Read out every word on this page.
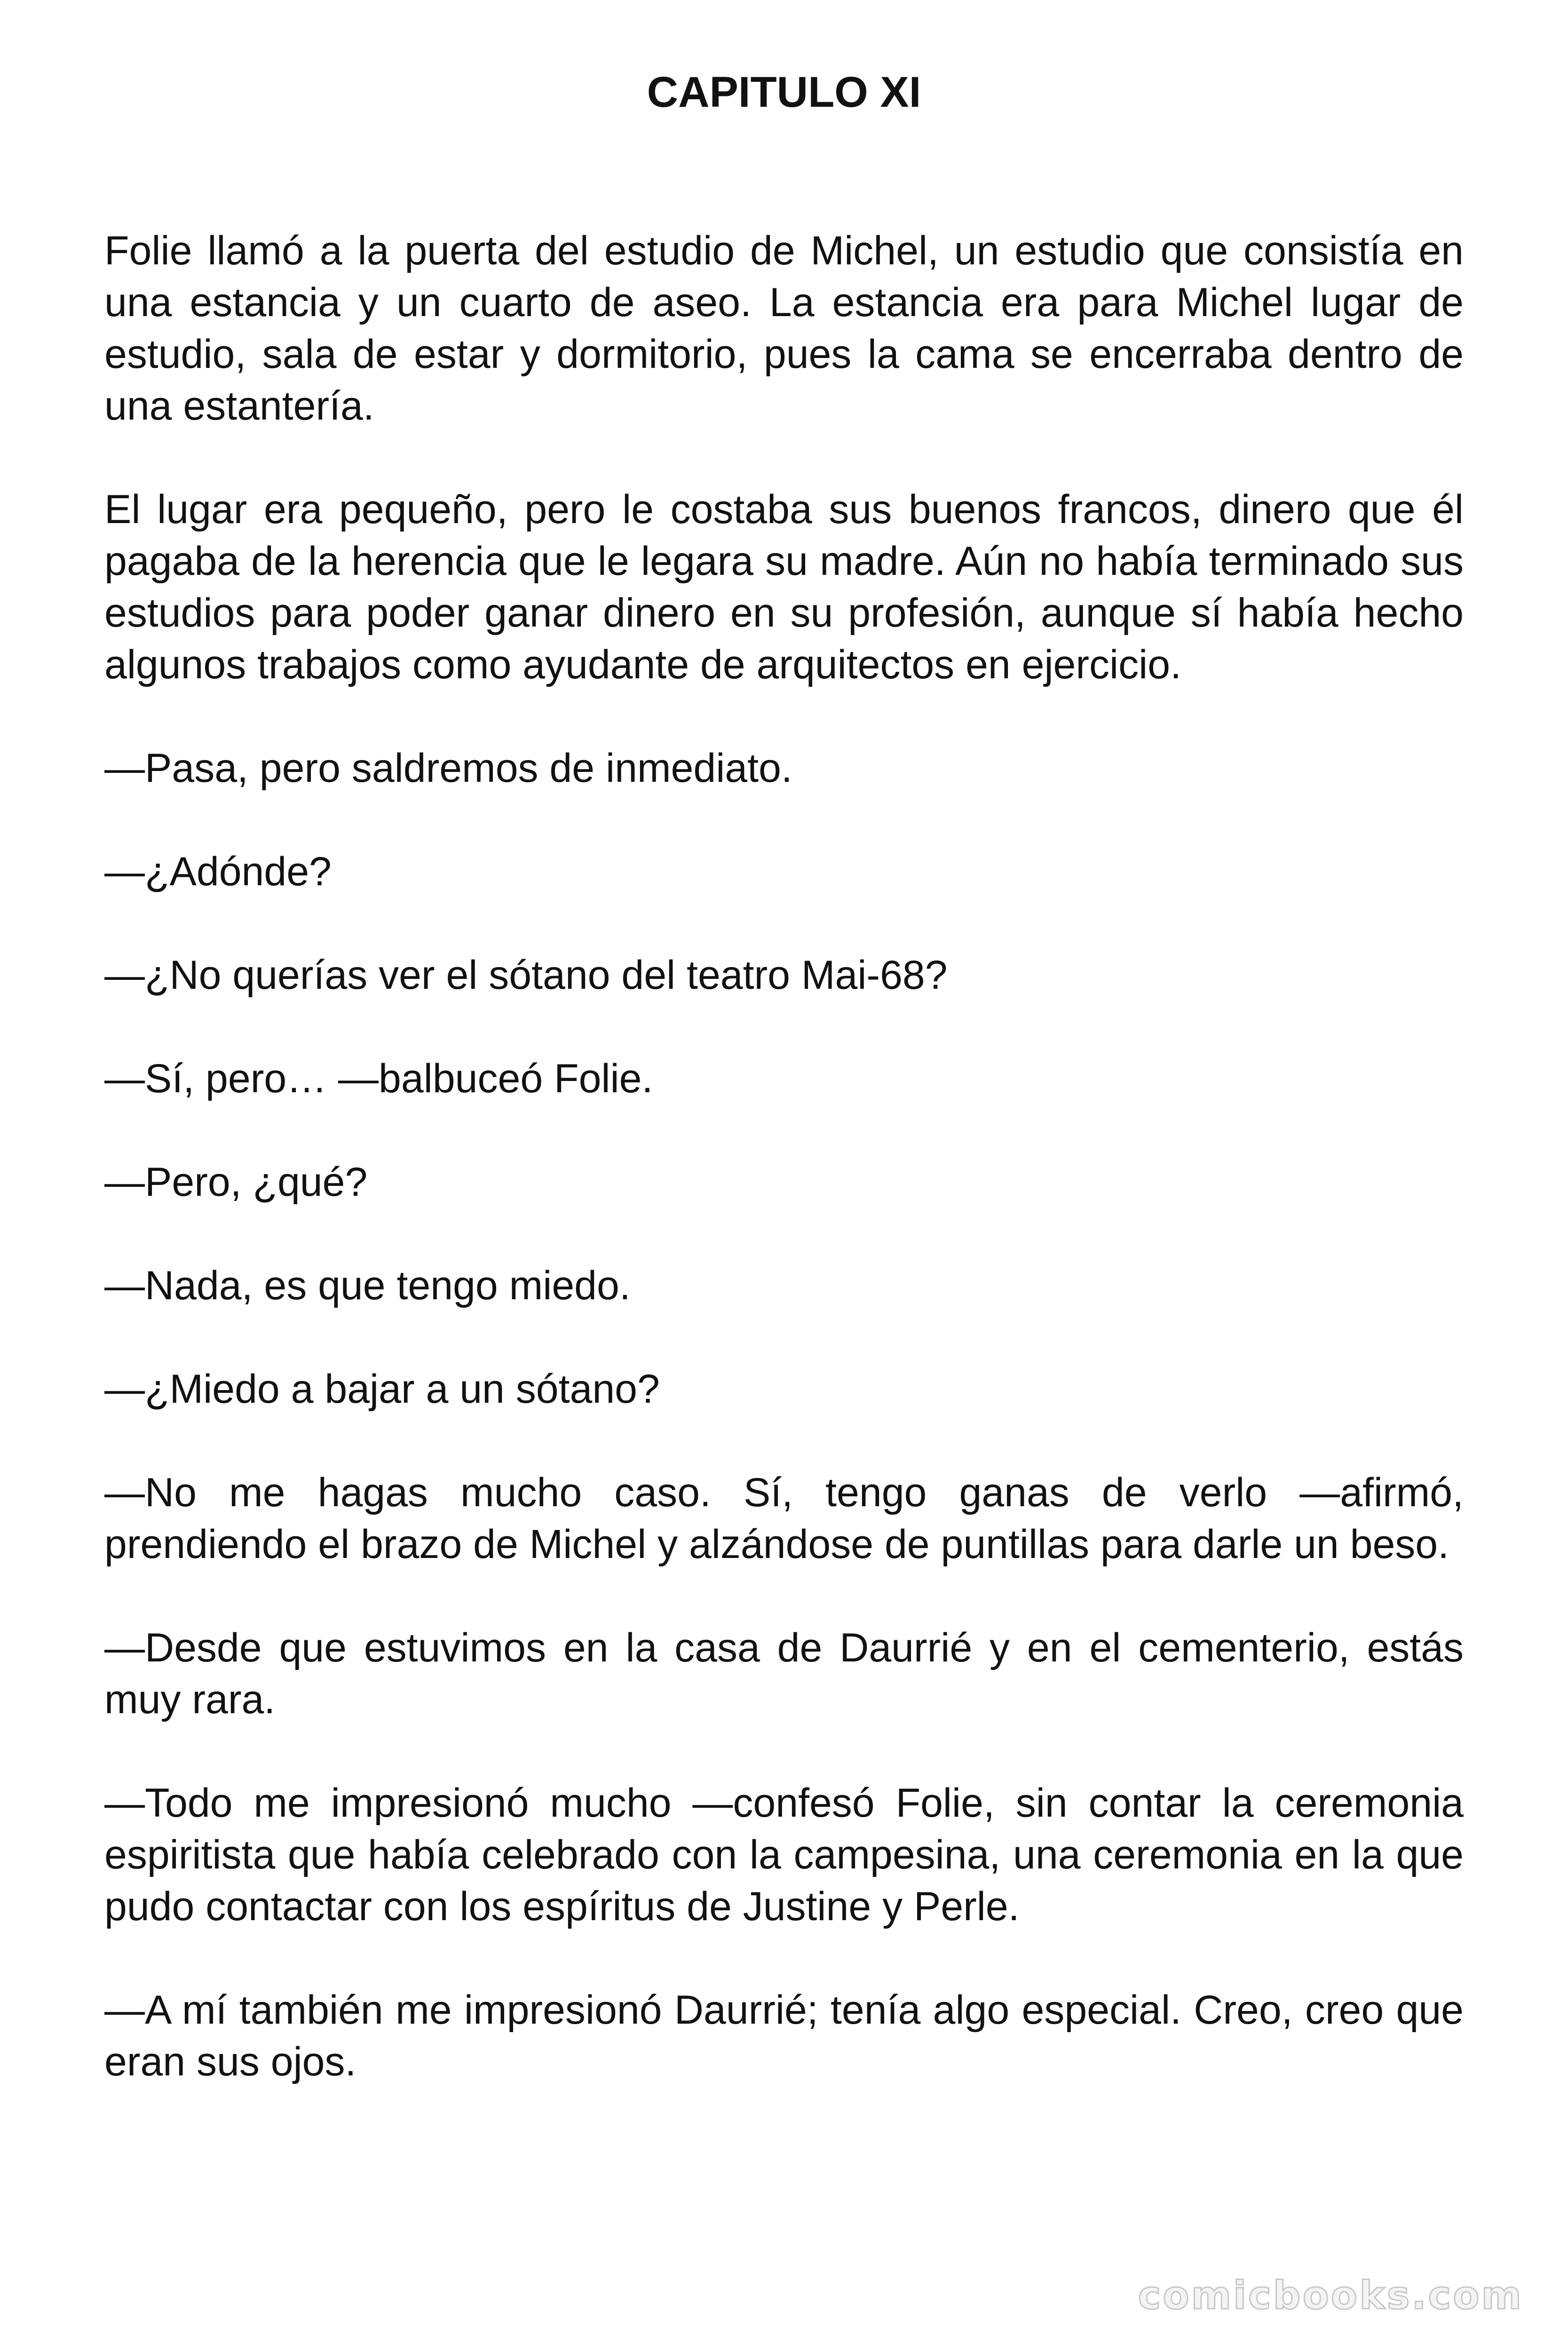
CAPITULO XI

Folie llamó a la puerta del estudio de Michel, un estudio que consistía en una estancia y un cuarto de aseo. La estancia era para Michel lugar de estudio, sala de estar y dormitorio, pues la cama se encerraba dentro de una estantería.

El lugar era pequeño, pero le costaba sus buenos francos, dinero que él pagaba de la herencia que le legara su madre. Aún no había terminado sus estudios para poder ganar dinero en su profesión, aunque sí había hecho algunos trabajos como ayudante de arquitectos en ejercicio.

—Pasa, pero saldremos de inmediato.

—¿Adónde?

—¿No querías ver el sótano del teatro Mai-68?

—Sí, pero… —balbuceó Folie.

—Pero, ¿qué?

—Nada, es que tengo miedo.

—¿Miedo a bajar a un sótano?

—No me hagas mucho caso. Sí, tengo ganas de verlo —afirmó, prendiendo el brazo de Michel y alzándose de puntillas para darle un beso.

—Desde que estuvimos en la casa de Daurrié y en el cementerio, estás muy rara.

—Todo me impresionó mucho —confesó Folie, sin contar la ceremonia espiritista que había celebrado con la campesina, una ceremonia en la que pudo contactar con los espíritus de Justine y Perle.

—A mí también me impresionó Daurrié; tenía algo especial. Creo, creo que eran sus ojos.

comicbooks.com
